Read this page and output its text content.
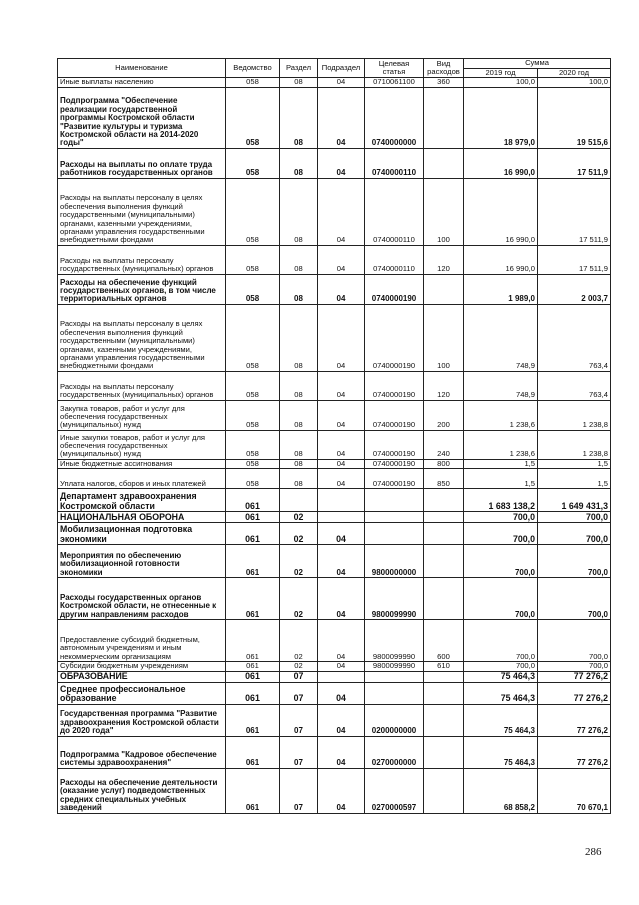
Наименование	Ведомство	Раздел	Подраздел	Целевая статья	Вид расходов	Сумма	
						2019 год	2020 год
Иные выплаты населению	058	08	04	0710061100	360	100,0	100,0
Подпрограмма "Обеспечение реализации государственной программы Костромской области "Развитие культуры и туризма Костромской области на 2014-2020 годы"	058	08	04	0740000000		18 979,0	19 515,6
Расходы на выплаты по оплате труда работников государственных органов	058	08	04	0740000110		16 990,0	17 511,9
Расходы на выплаты персоналу в целях обеспечения выполнения функций государственными (муниципальными) органами, казенными учреждениями, органами управления государственными внебюджетными фондами	058	08	04	0740000110	100	16 990,0	17 511,9
Расходы на выплаты персоналу государственных (муниципальных) органов	058	08	04	0740000110	120	16 990,0	17 511,9
Расходы на обеспечение функций государственных органов, в том числе территориальных органов	058	08	04	0740000190		1 989,0	2 003,7
Расходы на выплаты персоналу в целях обеспечения выполнения функций государственными (муниципальными) органами, казенными учреждениями, органами управления государственными внебюджетными фондами	058	08	04	0740000190	100	748,9	763,4
Расходы на выплаты персоналу государственных (муниципальных) органов	058	08	04	0740000190	120	748,9	763,4
Закупка товаров, работ и услуг для обеспечения государственных (муниципальных) нужд	058	08	04	0740000190	200	1 238,6	1 238,8
Иные закупки товаров, работ и услуг для обеспечения государственных (муниципальных) нужд	058	08	04	0740000190	240	1 238,6	1 238,8
Иные бюджетные ассигнования	058	08	04	0740000190	800	1,5	1,5
Уплата налогов, сборов и иных платежей	058	08	04	0740000190	850	1,5	1,5
Департамент здравоохранения Костромской области	061					1 683 138,2	1 649 431,3
НАЦИОНАЛЬНАЯ ОБОРОНА	061	02				700,0	700,0
Мобилизационная подготовка экономики	061	02	04			700,0	700,0
Мероприятия по обеспечению мобилизационной готовности экономики	061	02	04	9800000000		700,0	700,0
Расходы государственных органов Костромской области, не отнесенные к другим направлениям расходов	061	02	04	9800099990		700,0	700,0
Предоставление субсидий бюджетным, автономным учреждениям и иным некоммерческим организациям	061	02	04	9800099990	600	700,0	700,0
Субсидии бюджетным учреждениям	061	02	04	9800099990	610	700,0	700,0
ОБРАЗОВАНИЕ	061	07				75 464,3	77 276,2
Среднее профессиональное образование	061	07	04			75 464,3	77 276,2
Государственная программа "Развитие здравоохранения Костромской области до 2020 года"	061	07	04	0200000000		75 464,3	77 276,2
Подпрограмма "Кадровое обеспечение системы здравоохранения"	061	07	04	0270000000		75 464,3	77 276,2
Расходы на обеспечение деятельности (оказание услуг) подведомственных средних специальных учебных заведений	061	07	04	0270000597		68 858,2	70 670,1
286
